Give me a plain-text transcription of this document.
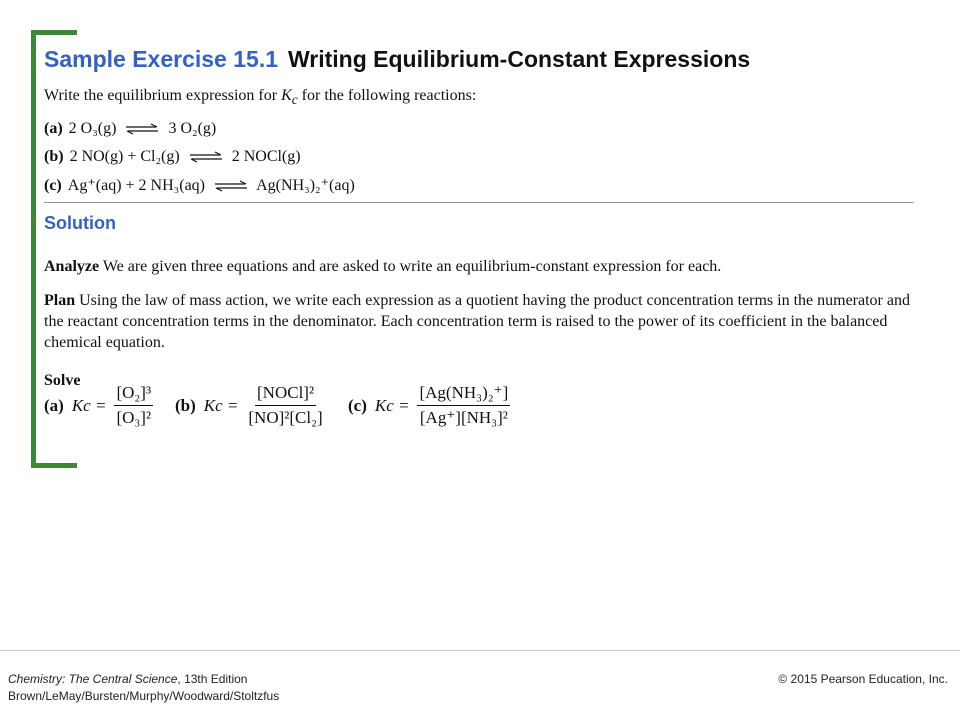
Sample Exercise 15.1 Writing Equilibrium-Constant Expressions
Write the equilibrium expression for $K_c$ for the following reactions:
(a) 2 O₃(g) ⇌ 3 O₂(g)
(b) 2 NO(g) + Cl₂(g) ⇌ 2 NOCl(g)
(c) Ag⁺(aq) + 2 NH₃(aq) ⇌ Ag(NH₃)₂⁺(aq)
Solution
Analyze We are given three equations and are asked to write an equilibrium-constant expression for each.
Plan Using the law of mass action, we write each expression as a quotient having the product concentration terms in the numerator and the reactant concentration terms in the denominator. Each concentration term is raised to the power of its coefficient in the balanced chemical equation.
Solve
(a) $Kc = \frac{\text{[O₂]³}}{\text{[O₃]²}} (b) Kc = \frac{\text{[NOCl]²}}{\text{[NO]²[Cl₂]}} (c) Kc = \frac{\text{[Ag(NH₃)₂⁺]}}{\text{[Ag⁺][NH₃]²}}$
Chemistry: The Central Science, 13th Edition
Brown/LeMay/Bursten/Murphy/Woodward/Stoltzfus
© 2015 Pearson Education, Inc.
